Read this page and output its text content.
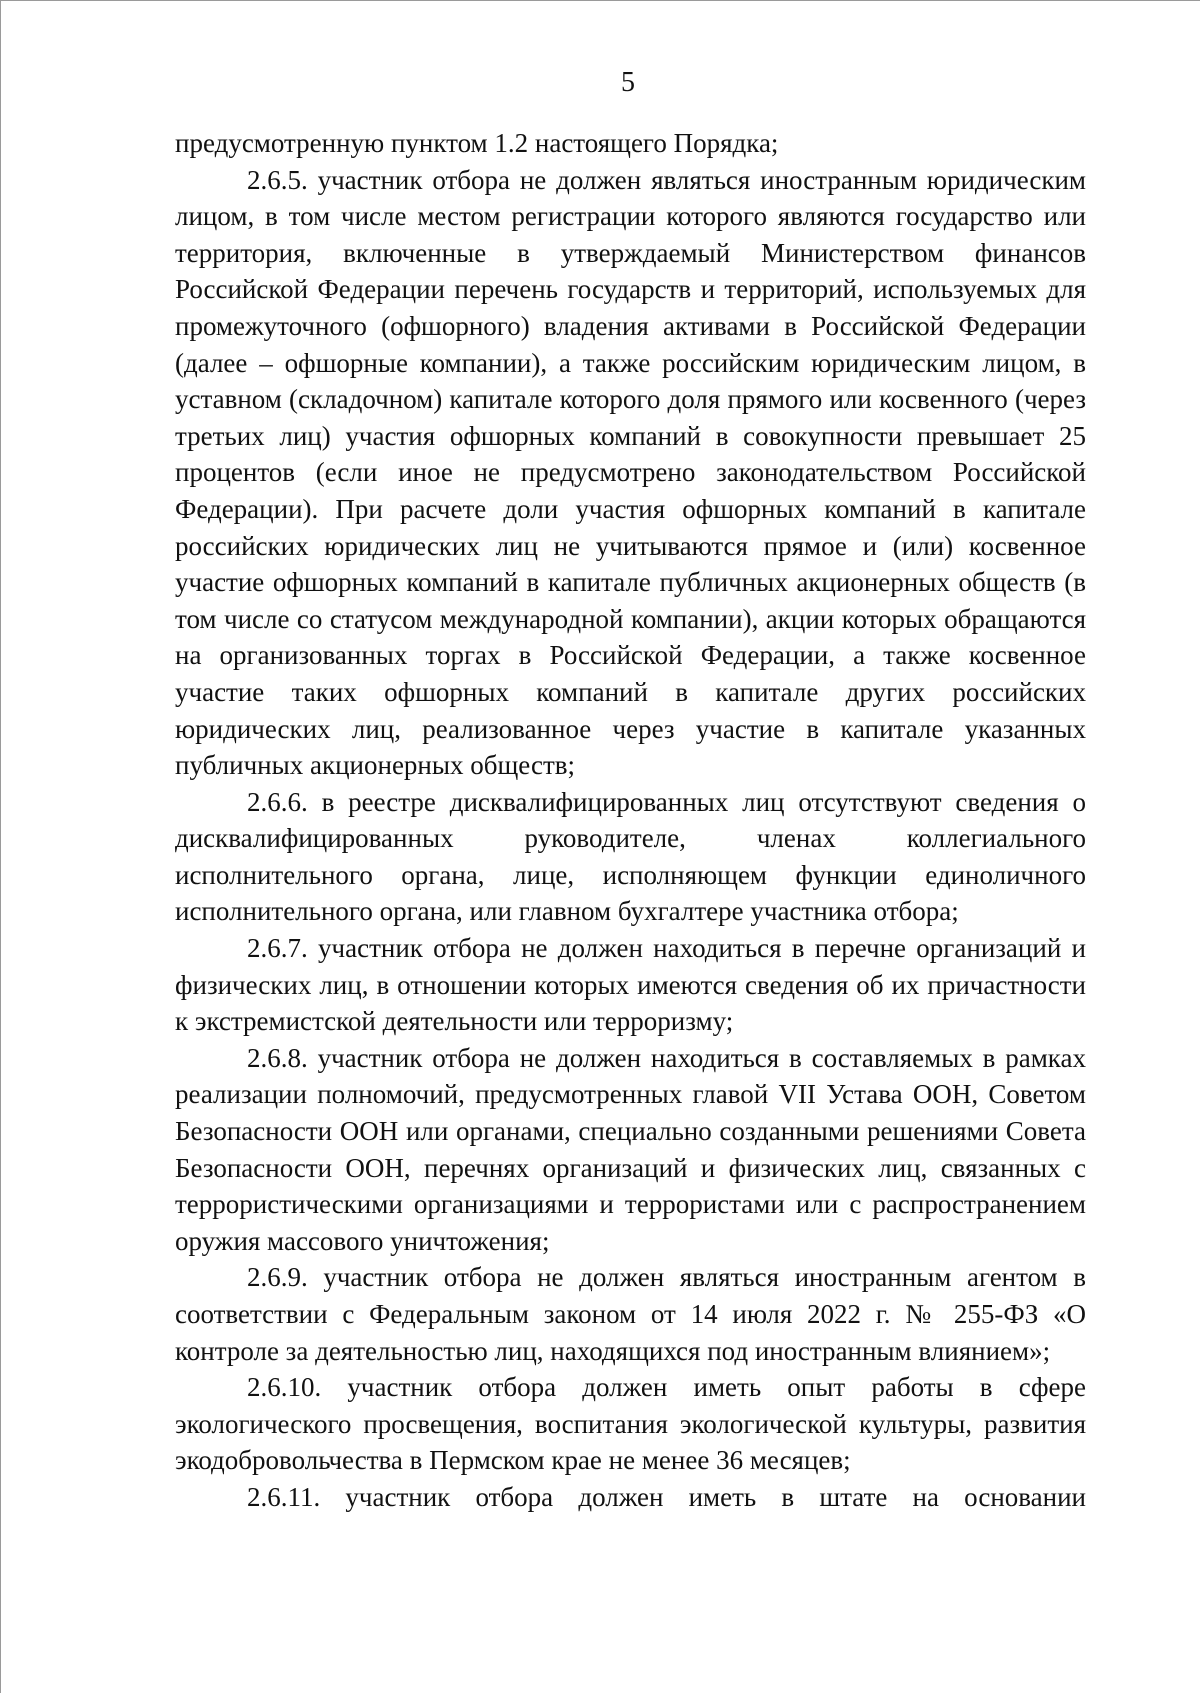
5

предусмотренную пунктом 1.2 настоящего Порядка;

2.6.5. участник отбора не должен являться иностранным юридическим лицом, в том числе местом регистрации которого являются государство или территория, включенные в утверждаемый Министерством финансов Российской Федерации перечень государств и территорий, используемых для промежуточного (офшорного) владения активами в Российской Федерации (далее – офшорные компании), а также российским юридическим лицом, в уставном (складочном) капитале которого доля прямого или косвенного (через третьих лиц) участия офшорных компаний в совокупности превышает 25 процентов (если иное не предусмотрено законодательством Российской Федерации). При расчете доли участия офшорных компаний в капитале российских юридических лиц не учитываются прямое и (или) косвенное участие офшорных компаний в капитале публичных акционерных обществ (в том числе со статусом международной компании), акции которых обращаются на организованных торгах в Российской Федерации, а также косвенное участие таких офшорных компаний в капитале других российских юридических лиц, реализованное через участие в капитале указанных публичных акционерных обществ;

2.6.6. в реестре дисквалифицированных лиц отсутствуют сведения о дисквалифицированных руководителе, членах коллегиального исполнительного органа, лице, исполняющем функции единоличного исполнительного органа, или главном бухгалтере участника отбора;

2.6.7. участник отбора не должен находиться в перечне организаций и физических лиц, в отношении которых имеются сведения об их причастности к экстремистской деятельности или терроризму;

2.6.8. участник отбора не должен находиться в составляемых в рамках реализации полномочий, предусмотренных главой VII Устава ООН, Советом Безопасности ООН или органами, специально созданными решениями Совета Безопасности ООН, перечнях организаций и физических лиц, связанных с террористическими организациями и террористами или с распространением оружия массового уничтожения;

2.6.9. участник отбора не должен являться иностранным агентом в соответствии с Федеральным законом от 14 июля 2022 г. № 255-ФЗ «О контроле за деятельностью лиц, находящихся под иностранным влиянием»;

2.6.10. участник отбора должен иметь опыт работы в сфере экологического просвещения, воспитания экологической культуры, развития экодобровольчества в Пермском крае не менее 36 месяцев;

2.6.11. участник отбора должен иметь в штате на основании
